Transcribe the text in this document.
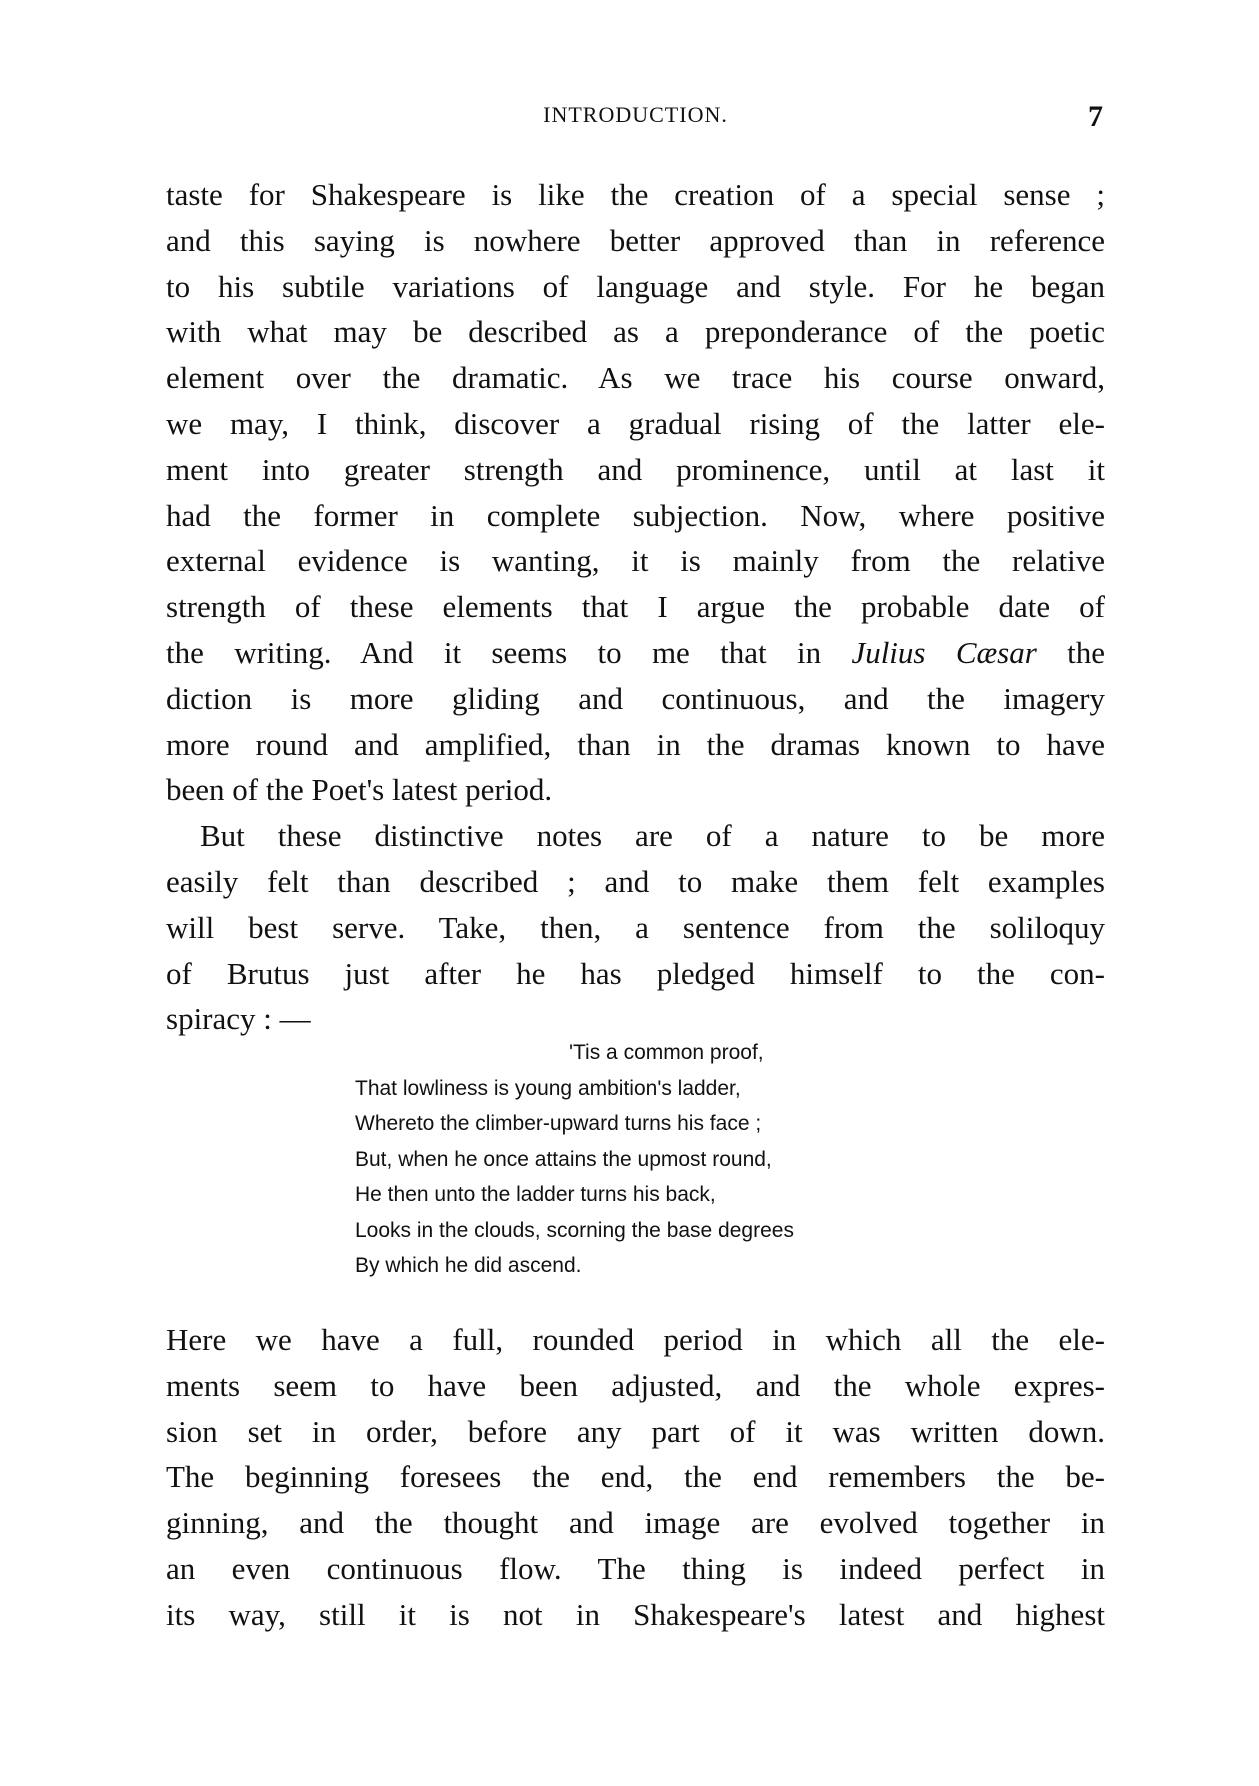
INTRODUCTION.	7
taste for Shakespeare is like the creation of a special sense ;
and this saying is nowhere better approved than in reference
to his subtile variations of language and style. For he began
with what may be described as a preponderance of the poetic
element over the dramatic. As we trace his course onward,
we may, I think, discover a gradual rising of the latter ele-
ment into greater strength and prominence, until at last it
had the former in complete subjection. Now, where positive
external evidence is wanting, it is mainly from the relative
strength of these elements that I argue the probable date of
the writing. And it seems to me that in Julius Cæsar the
diction is more gliding and continuous, and the imagery
more round and amplified, than in the dramas known to have
been of the Poet's latest period.
But these distinctive notes are of a nature to be more
easily felt than described ; and to make them felt examples
will best serve. Take, then, a sentence from the soliloquy
of Brutus just after he has pledged himself to the con-
spiracy : —
'Tis a common proof,
That lowliness is young ambition's ladder,
Whereto the climber-upward turns his face ;
But, when he once attains the upmost round,
He then unto the ladder turns his back,
Looks in the clouds, scorning the base degrees
By which he did ascend.
Here we have a full, rounded period in which all the ele-
ments seem to have been adjusted, and the whole expres-
sion set in order, before any part of it was written down.
The beginning foresees the end, the end remembers the be-
ginning, and the thought and image are evolved together in
an even continuous flow. The thing is indeed perfect in
its way, still it is not in Shakespeare's latest and highest
